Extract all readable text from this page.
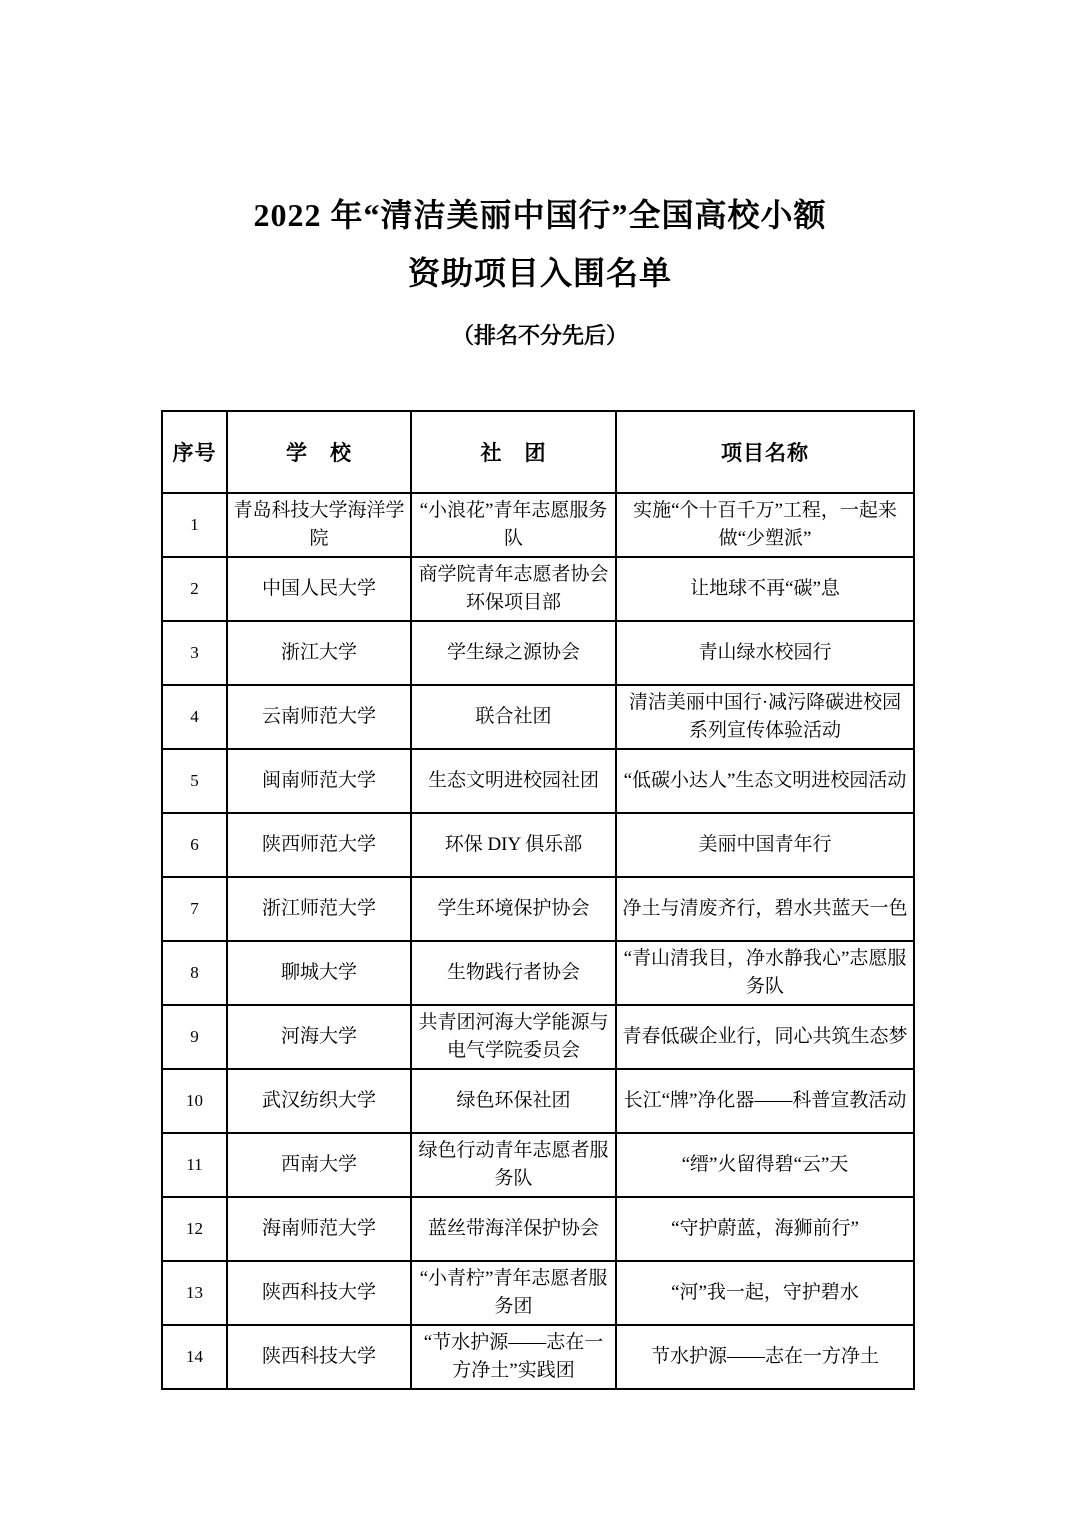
2022 年“清洁美丽中国行”全国高校小额
资助项目入围名单
（排名不分先后）
序号	学　校	社　团	项目名称
1	青岛科技大学海洋学院	“小浪花”青年志愿服务队	实施“个十百千万”工程，一起来做“少塑派”
2	中国人民大学	商学院青年志愿者协会环保项目部	让地球不再“碳”息
3	浙江大学	学生绿之源协会	青山绿水校园行
4	云南师范大学	联合社团	清洁美丽中国行·减污降碳进校园系列宣传体验活动
5	闽南师范大学	生态文明进校园社团	“低碳小达人”生态文明进校园活动
6	陕西师范大学	环保 DIY 俱乐部	美丽中国青年行
7	浙江师范大学	学生环境保护协会	净土与清废齐行，碧水共蓝天一色
8	聊城大学	生物践行者协会	“青山清我目，净水静我心”志愿服务队
9	河海大学	共青团河海大学能源与电气学院委员会	青春低碳企业行，同心共筑生态梦
10	武汉纺织大学	绿色环保社团	长江“牌”净化器——科普宣教活动
11	西南大学	绿色行动青年志愿者服务队	“缙”火留得碧“云”天
12	海南师范大学	蓝丝带海洋保护协会	“守护蔚蓝，海狮前行”
13	陕西科技大学	“小青柠”青年志愿者服务团	“河”我一起，守护碧水
14	陕西科技大学	“节水护源——志在一方净土”实践团	节水护源——志在一方净土
